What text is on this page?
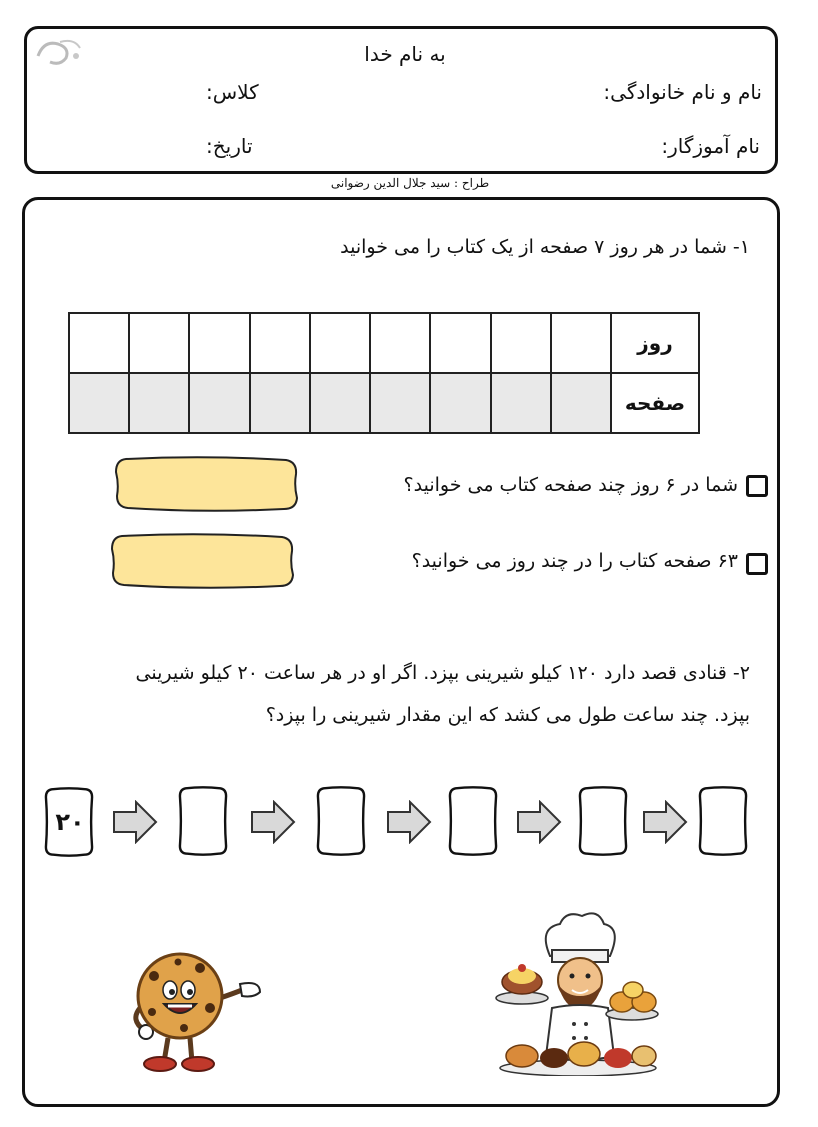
به نام خدا
نام و نام خانوادگی:
کلاس:
نام آموزگار:
تاریخ:
طراح : سید جلال الدین رضوانی
۱- شما در هر روز ۷ صفحه از یک کتاب را می خوانید
									روز
									صفحه
شما در ۶ روز چند صفحه کتاب می خوانید؟
۶۳ صفحه کتاب را در چند روز می خوانید؟
۲- قنادی قصد دارد ۱۲۰ کیلو شیرینی بپزد. اگر او در هر ساعت ۲۰ کیلو شیرینی
بپزد. چند ساعت طول می کشد که این مقدار شیرینی را بپزد؟
۲۰
